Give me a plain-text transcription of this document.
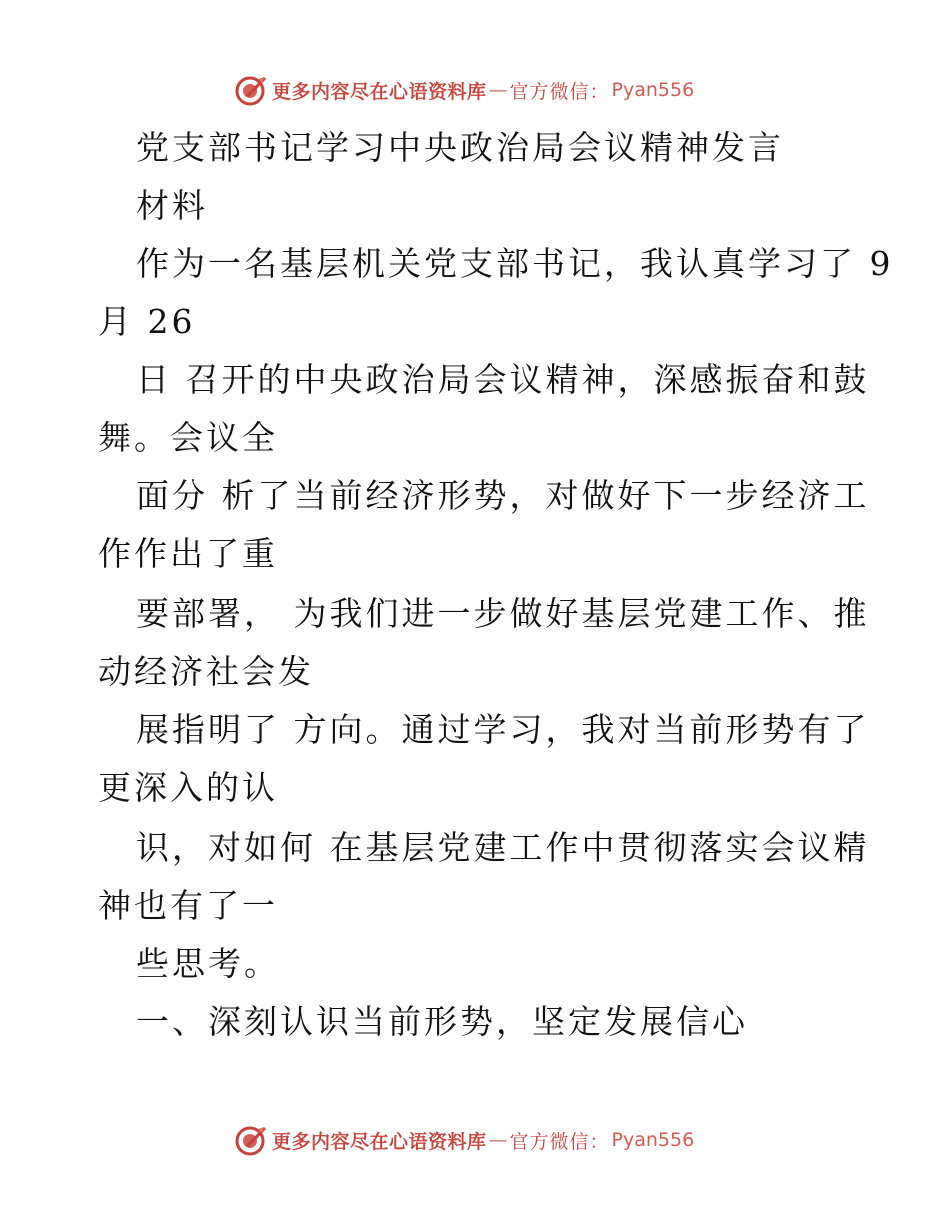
更多内容尽在心语资料库 — 官方微信： Pyan556
党支部书记学习中央政治局会议精神发言
材料
作为一名基层机关党支部书记，我认真学习了 9
月 26
日 召开的中央政治局会议精神，深感振奋和鼓
舞。会议全
面分 析了当前经济形势，对做好下一步经济工
作作出了重
要部署， 为我们进一步做好基层党建工作、推
动经济社会发
展指明了 方向。通过学习，我对当前形势有了
更深入的认
识，对如何 在基层党建工作中贯彻落实会议精
神也有了一
些思考。
一、深刻认识当前形势，坚定发展信心
更多内容尽在心语资料库 — 官方微信： Pyan556
